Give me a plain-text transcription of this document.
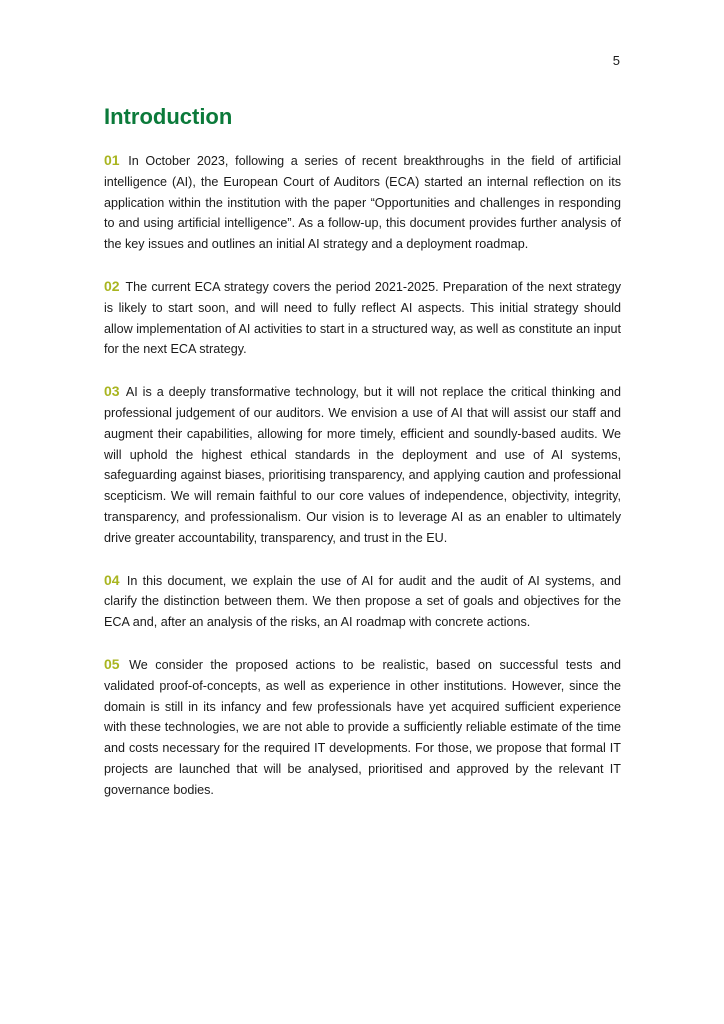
5
Introduction

01 In October 2023, following a series of recent breakthroughs in the field of artificial intelligence (AI), the European Court of Auditors (ECA) started an internal reflection on its application within the institution with the paper “Opportunities and challenges in responding to and using artificial intelligence”. As a follow-up, this document provides further analysis of the key issues and outlines an initial AI strategy and a deployment roadmap.

02 The current ECA strategy covers the period 2021-2025. Preparation of the next strategy is likely to start soon, and will need to fully reflect AI aspects. This initial strategy should allow implementation of AI activities to start in a structured way, as well as constitute an input for the next ECA strategy.

03 AI is a deeply transformative technology, but it will not replace the critical thinking and professional judgement of our auditors. We envision a use of AI that will assist our staff and augment their capabilities, allowing for more timely, efficient and soundly-based audits. We will uphold the highest ethical standards in the deployment and use of AI systems, safeguarding against biases, prioritising transparency, and applying caution and professional scepticism. We will remain faithful to our core values of independence, objectivity, integrity, transparency, and professionalism. Our vision is to leverage AI as an enabler to ultimately drive greater accountability, transparency, and trust in the EU.

04 In this document, we explain the use of AI for audit and the audit of AI systems, and clarify the distinction between them. We then propose a set of goals and objectives for the ECA and, after an analysis of the risks, an AI roadmap with concrete actions.

05 We consider the proposed actions to be realistic, based on successful tests and validated proof-of-concepts, as well as experience in other institutions. However, since the domain is still in its infancy and few professionals have yet acquired sufficient experience with these technologies, we are not able to provide a sufficiently reliable estimate of the time and costs necessary for the required IT developments. For those, we propose that formal IT projects are launched that will be analysed, prioritised and approved by the relevant IT governance bodies.
